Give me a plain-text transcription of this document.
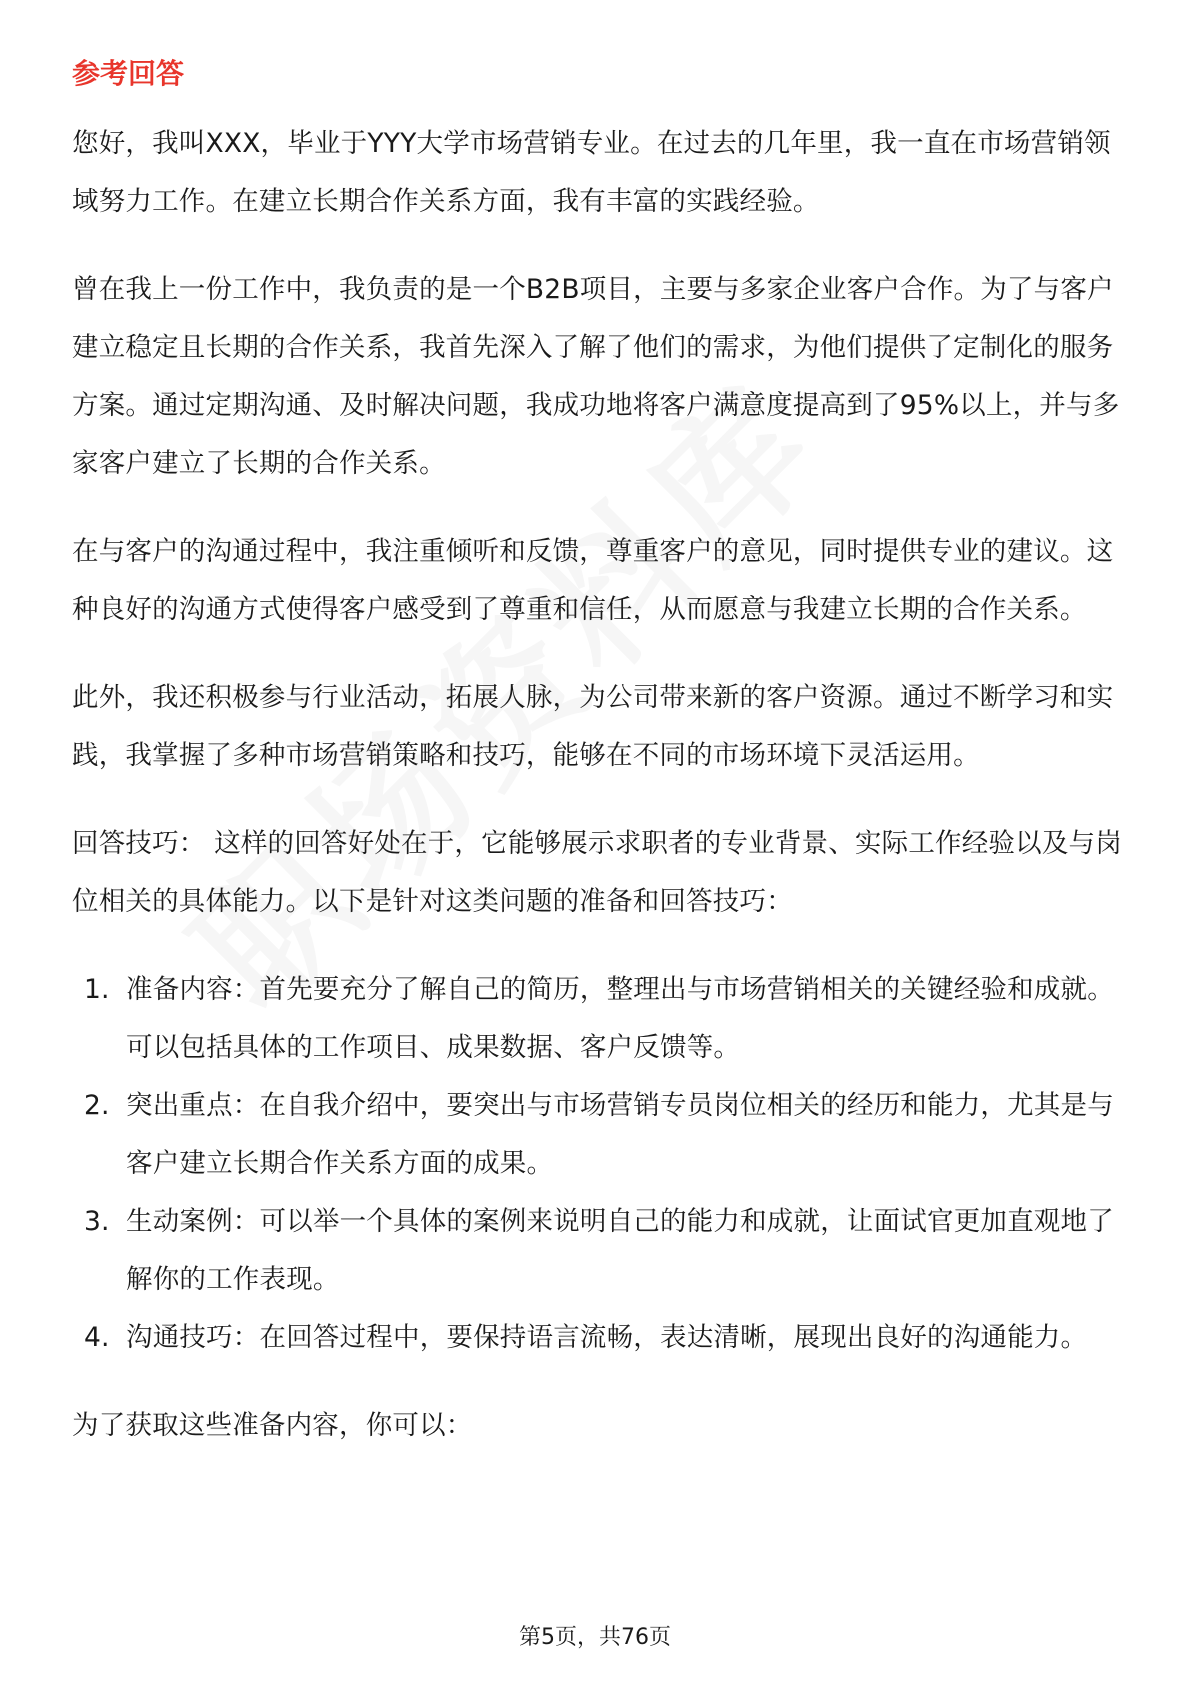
参考回答

您好，我叫XXX，毕业于YYY大学市场营销专业。在过去的几年里，我一直在市场营销领域努力工作。在建立长期合作关系方面，我有丰富的实践经验。

曾在我上一份工作中，我负责的是一个B2B项目，主要与多家企业客户合作。为了与客户建立稳定且长期的合作关系，我首先深入了解了他们的需求，为他们提供了定制化的服务方案。通过定期沟通、及时解决问题，我成功地将客户满意度提高到了95%以上，并与多家客户建立了长期的合作关系。

在与客户的沟通过程中，我注重倾听和反馈，尊重客户的意见，同时提供专业的建议。这种良好的沟通方式使得客户感受到了尊重和信任，从而愿意与我建立长期的合作关系。

此外，我还积极参与行业活动，拓展人脉，为公司带来新的客户资源。通过不断学习和实践，我掌握了多种市场营销策略和技巧，能够在不同的市场环境下灵活运用。

回答技巧： 这样的回答好处在于，它能够展示求职者的专业背景、实际工作经验以及与岗位相关的具体能力。以下是针对这类问题的准备和回答技巧：

1. 准备内容：首先要充分了解自己的简历，整理出与市场营销相关的关键经验和成就。可以包括具体的工作项目、成果数据、客户反馈等。
2. 突出重点：在自我介绍中，要突出与市场营销专员岗位相关的经历和能力，尤其是与客户建立长期合作关系方面的成果。
3. 生动案例：可以举一个具体的案例来说明自己的能力和成就，让面试官更加直观地了解你的工作表现。
4. 沟通技巧：在回答过程中，要保持语言流畅，表达清晰，展现出良好的沟通能力。

为了获取这些准备内容，你可以：

第5页，共76页
